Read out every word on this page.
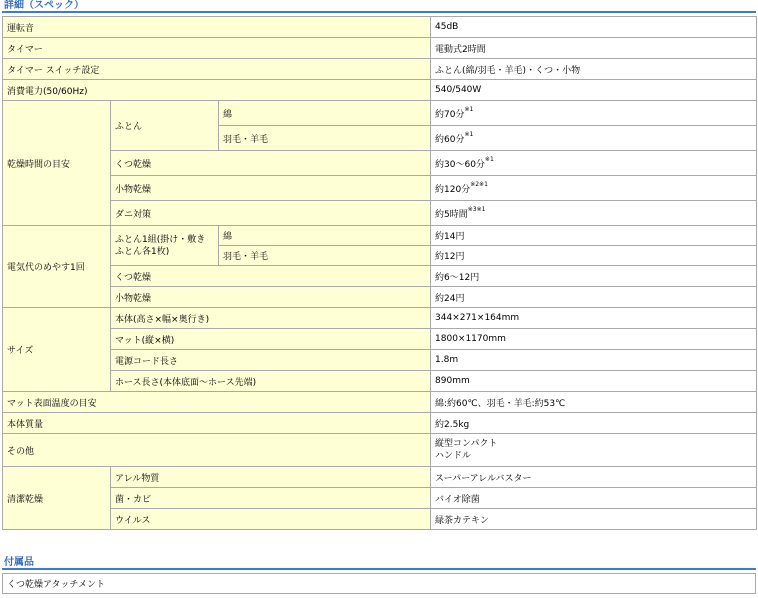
詳細（スペック）
運転音			45dB
タイマー			電動式2時間
タイマー スイッチ設定			ふとん(綿/羽毛・羊毛)・くつ・小物
消費電力(50/60Hz)			540/540W
乾燥時間の目安	ふとん	綿	約70分$^{※1}$
		羽毛・羊毛	約60分$^{※1}$
	くつ乾燥		約30～60分$^{※1}$
	小物乾燥		約120分$^{※2※1}$
	ダニ対策		約5時間$^{※3※1}$
電気代のめやす1回	ふとん1組(掛け・敷き
ふとん各1枚)	綿	約14円
		羽毛・羊毛	約12円
	くつ乾燥		約6～12円
	小物乾燥		約24円
サイズ	本体(高さ×幅×奥行き)		344×271×164mm
	マット(縦×横)		1800×1170mm
	電源コード長さ		1.8m
	ホース長さ(本体底面～ホース先端)		890mm
マット表面温度の目安			綿:約60℃、羽毛・羊毛:約53℃
本体質量			約2.5kg
その他			縦型コンパクト
ハンドル
清潔乾燥	アレル物質		スーパーアレルバスター
	菌・カビ		バイオ除菌
	ウイルス		緑茶カテキン
付属品
くつ乾燥アタッチメント
